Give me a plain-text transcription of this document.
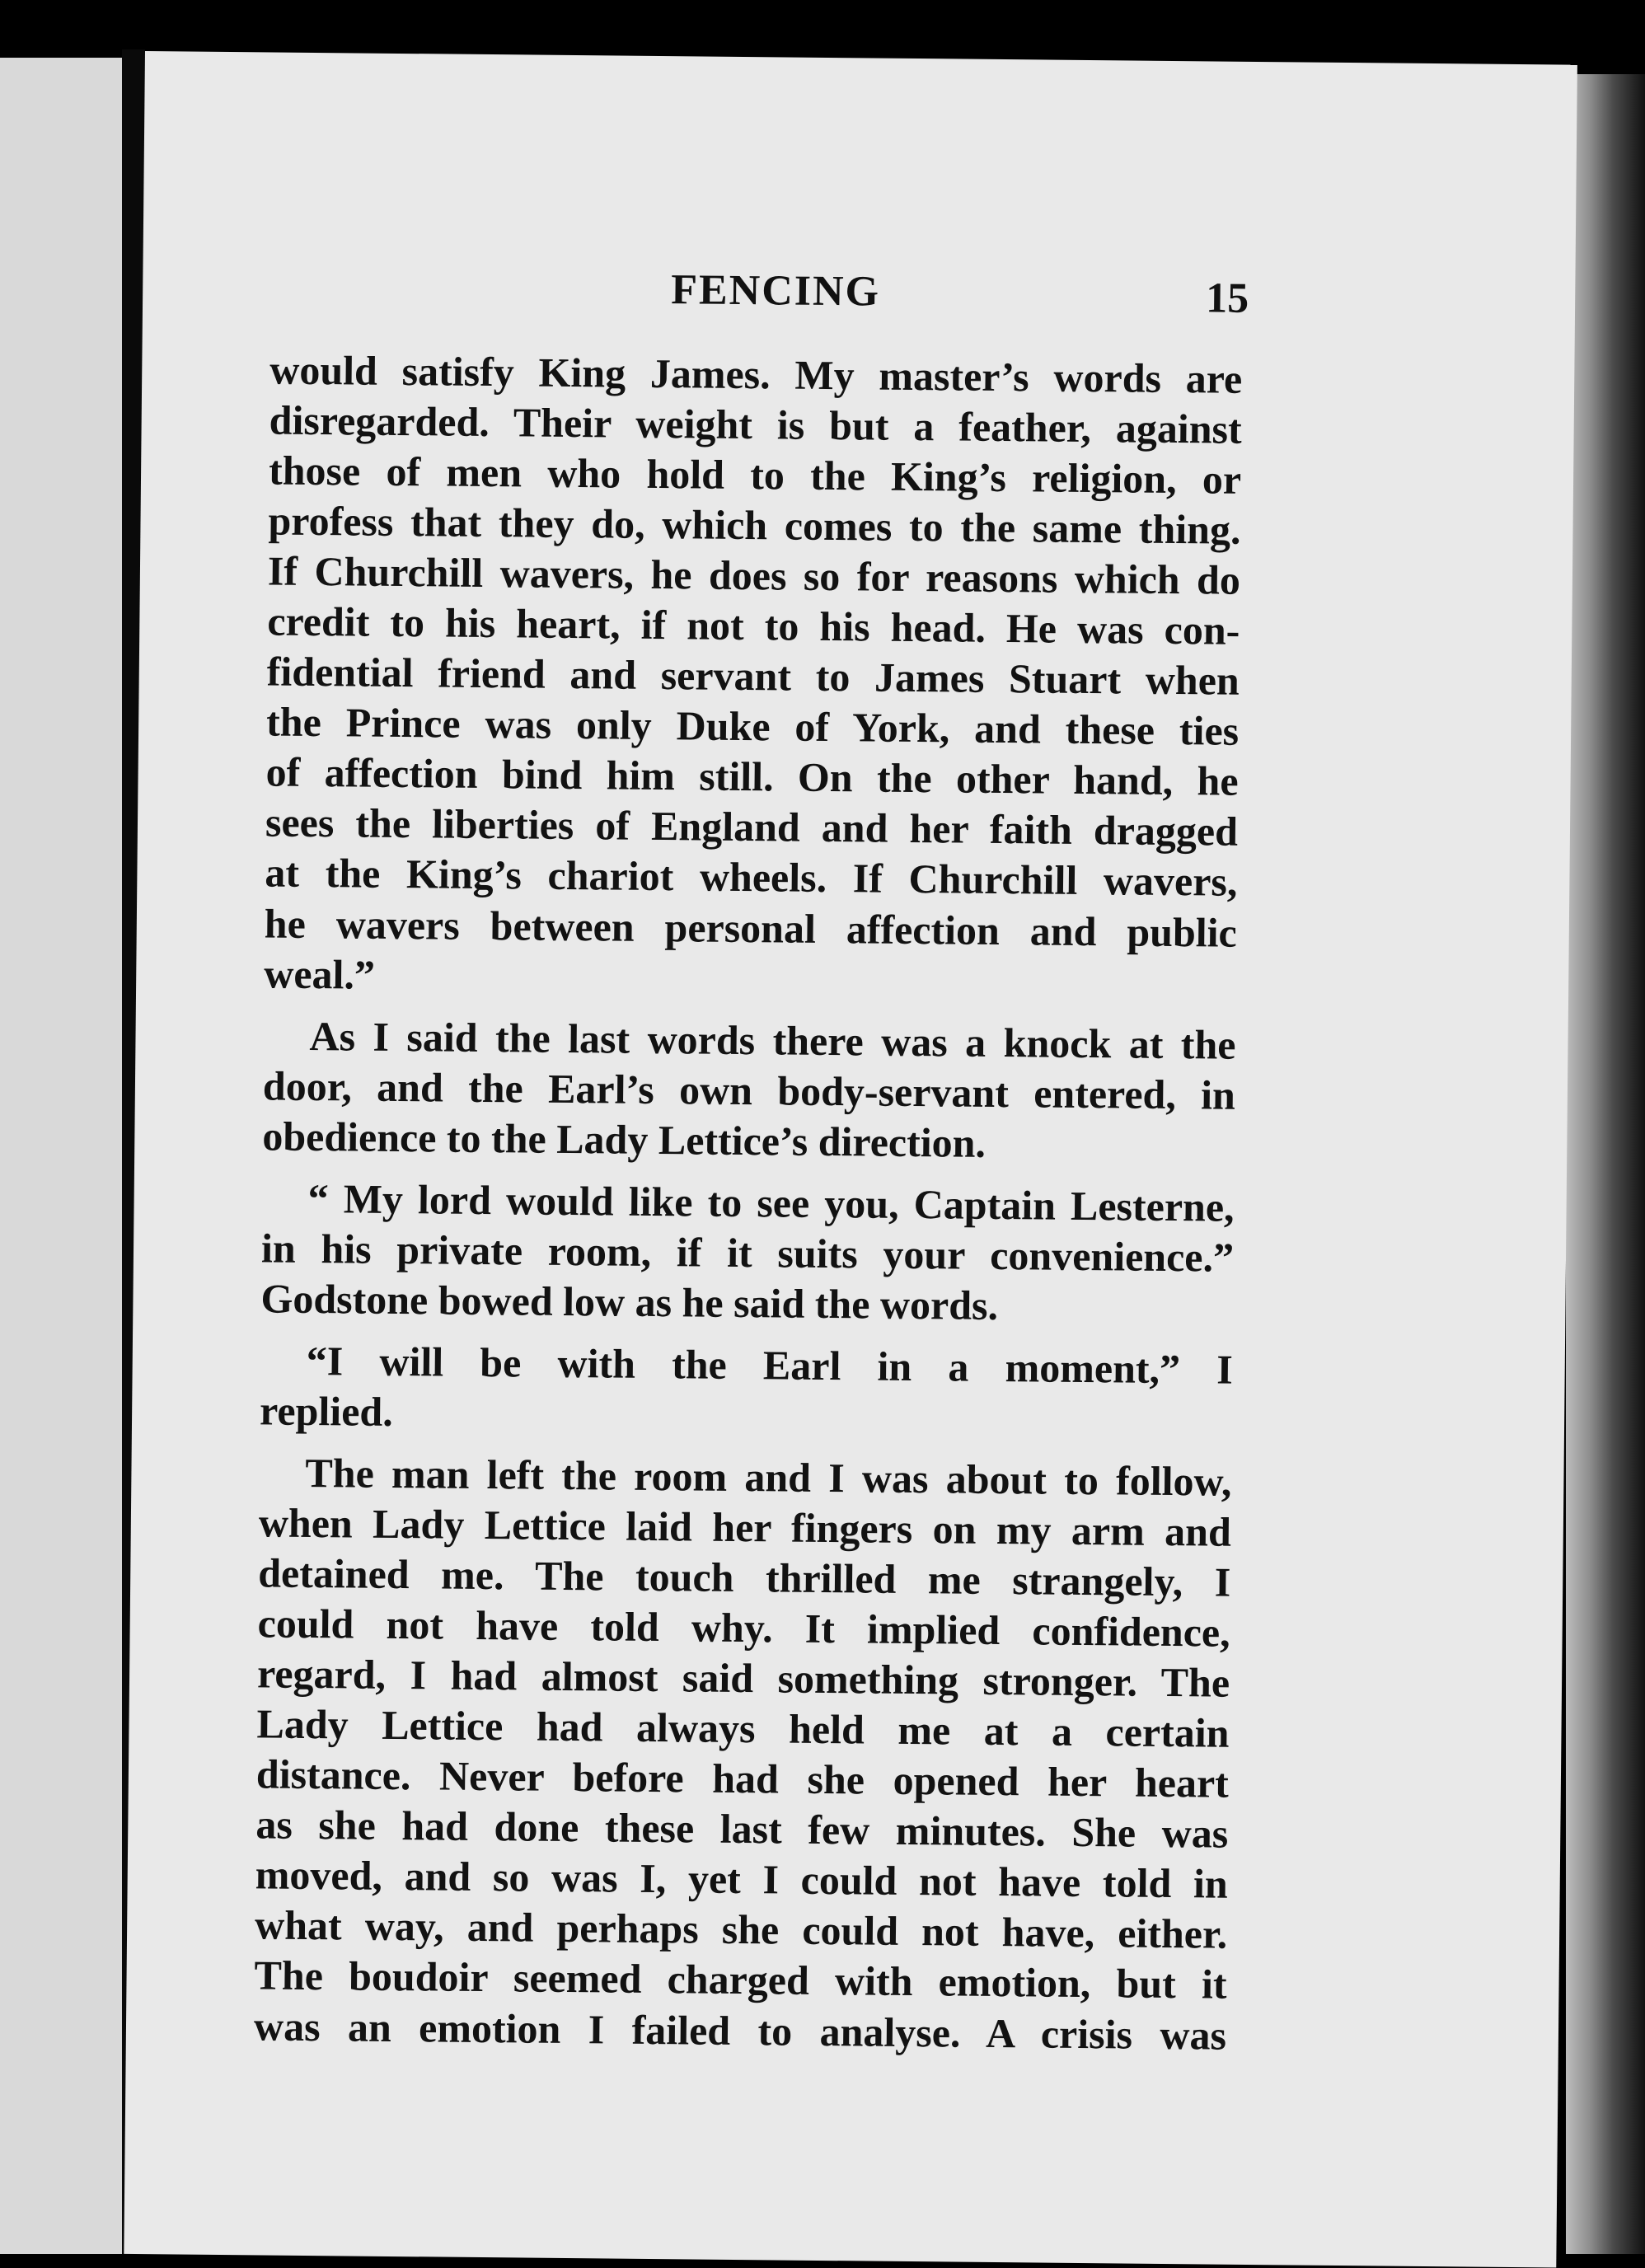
FENCING	15
would satisfy King James. My master’s words are
disregarded. Their weight is but a feather, against
those of men who hold to the King’s religion, or
profess that they do, which comes to the same thing.
If Churchill wavers, he does so for reasons which do
credit to his heart, if not to his head. He was con-
fidential friend and servant to James Stuart when
the Prince was only Duke of York, and these ties
of affection bind him still. On the other hand, he
sees the liberties of England and her faith dragged
at the King’s chariot wheels. If Churchill wavers,
he wavers between personal affection and public
weal.”
As I said the last words there was a knock at the
door, and the Earl’s own body-servant entered, in
obedience to the Lady Lettice’s direction.
“ My lord would like to see you, Captain Lesterne,
in his private room, if it suits your convenience.”
Godstone bowed low as he said the words.
“I will be with the Earl in a moment,” I
replied.
The man left the room and I was about to follow,
when Lady Lettice laid her fingers on my arm and
detained me. The touch thrilled me strangely, I
could not have told why. It implied confidence,
regard, I had almost said something stronger. The
Lady Lettice had always held me at a certain
distance. Never before had she opened her heart
as she had done these last few minutes. She was
moved, and so was I, yet I could not have told in
what way, and perhaps she could not have, either.
The boudoir seemed charged with emotion, but it
was an emotion I failed to analyse. A crisis was
